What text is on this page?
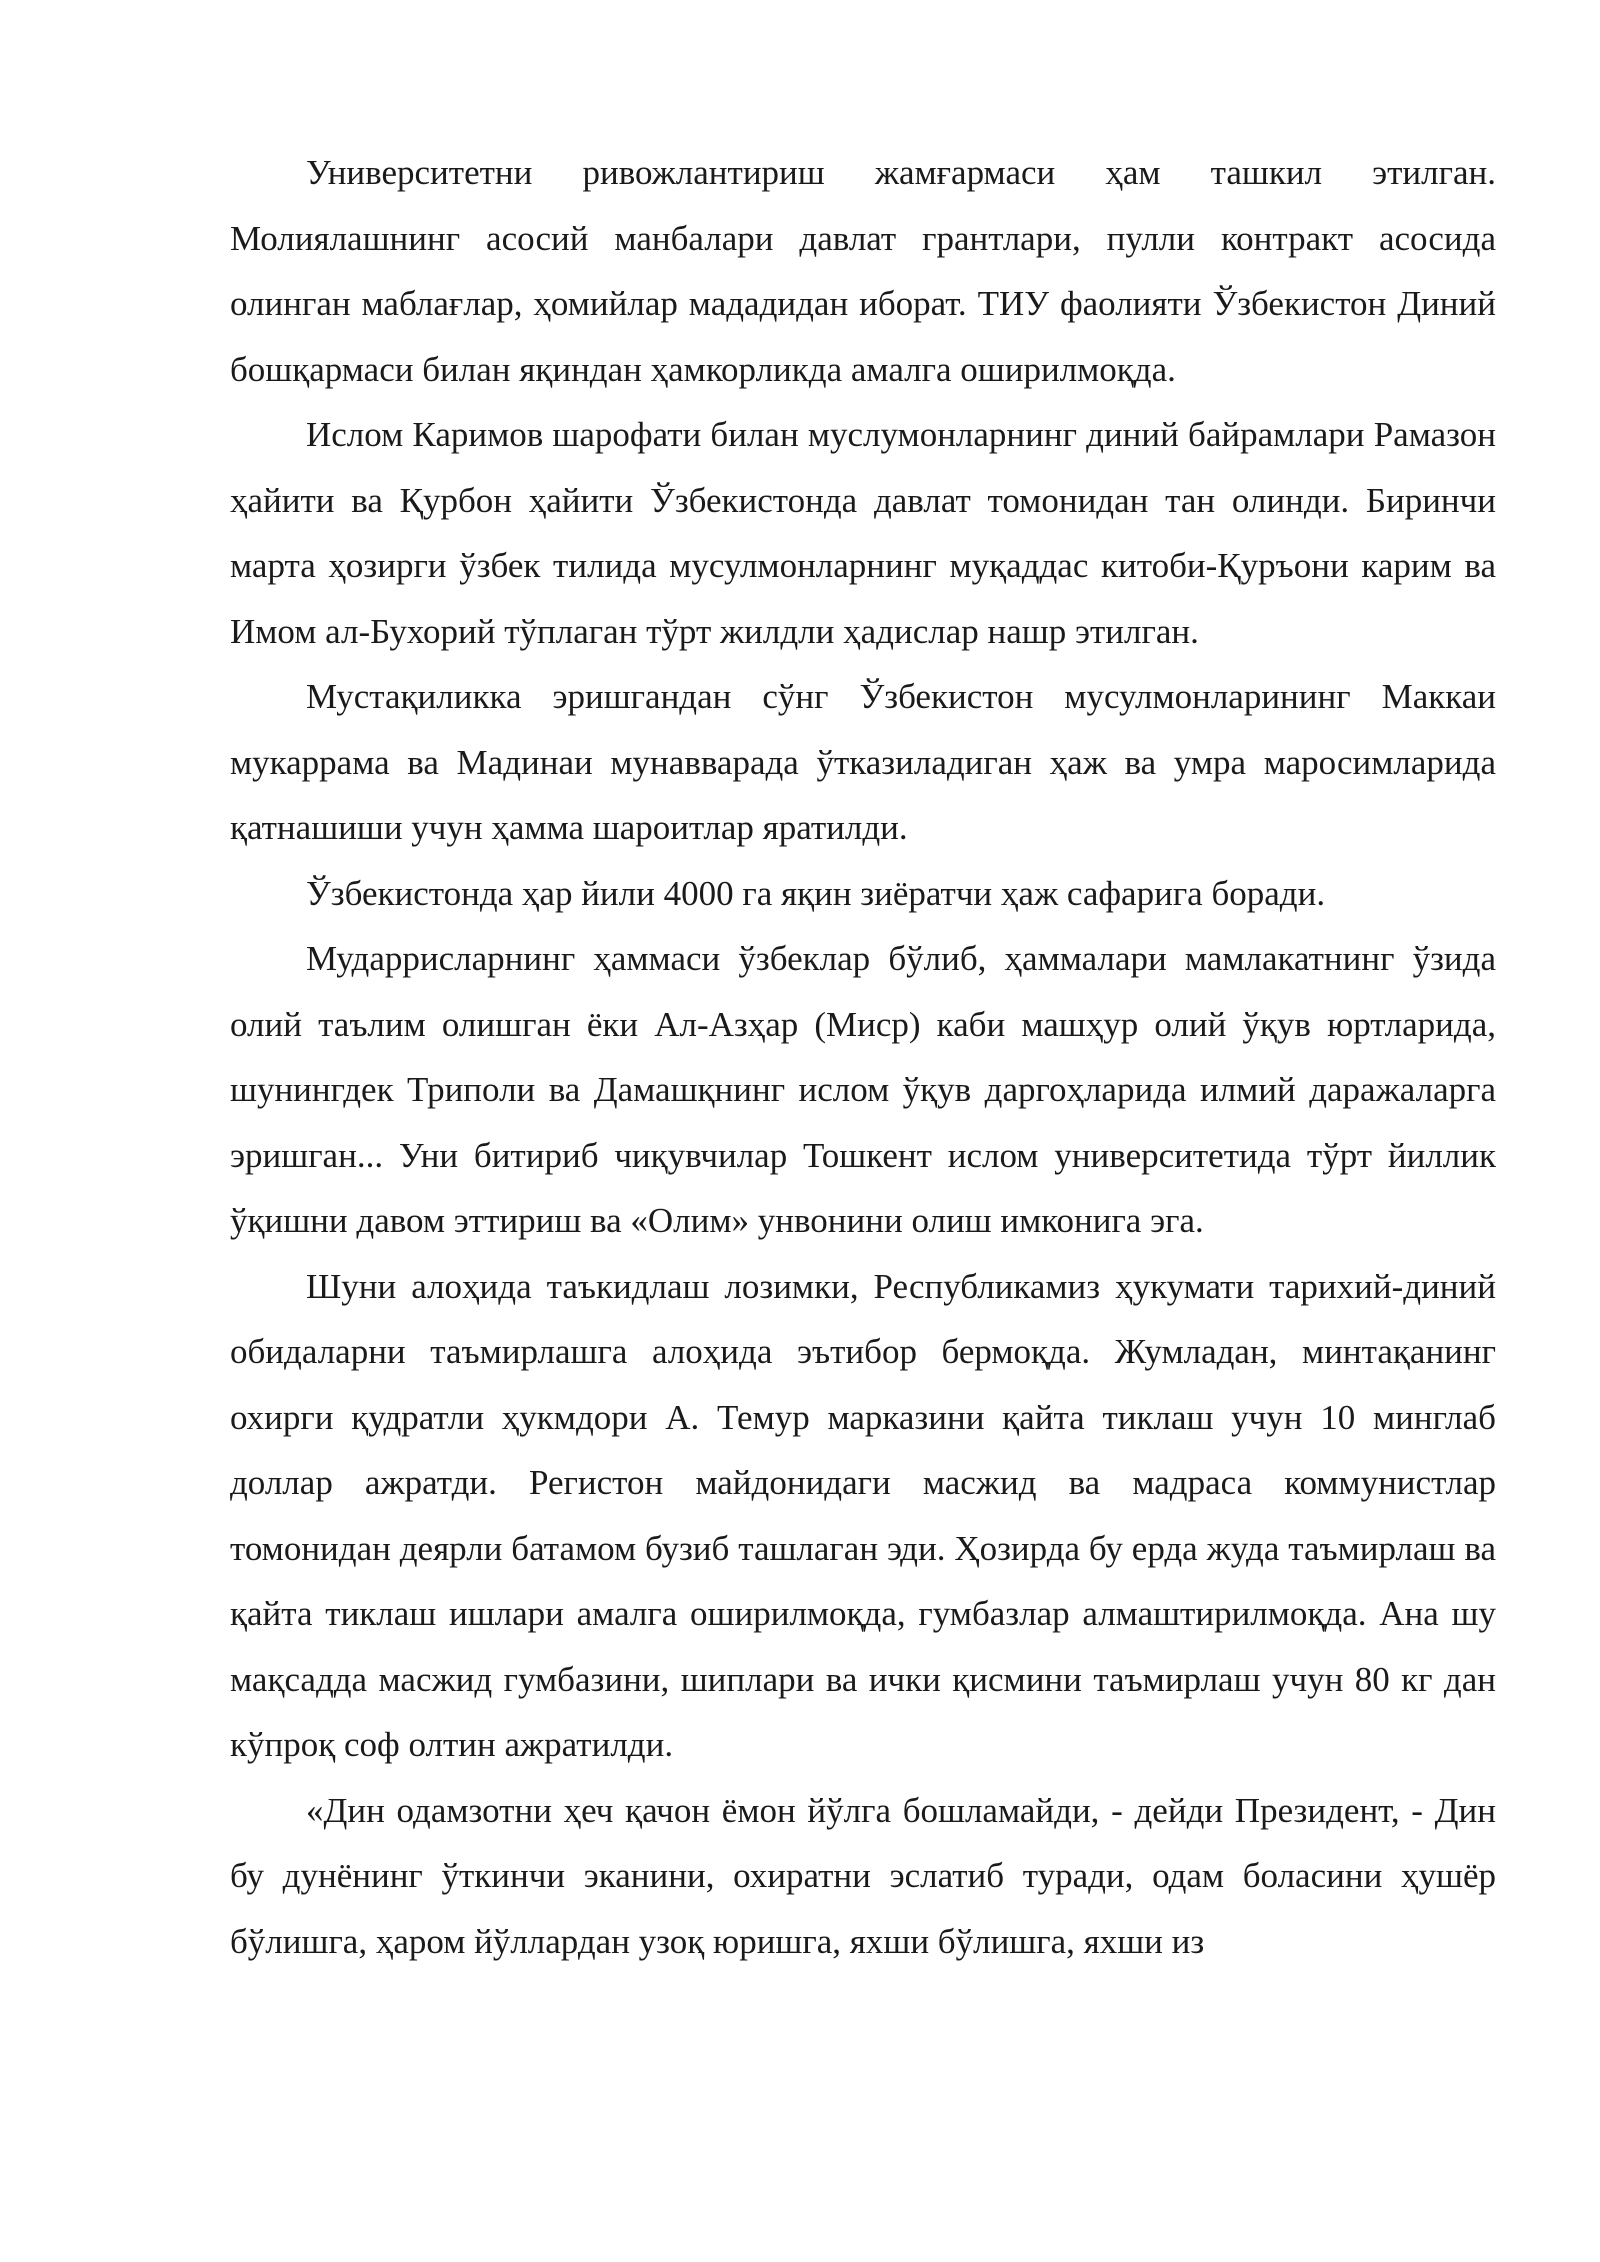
Университетни ривожлантириш жамғармаси ҳам ташкил этилган. Молиялашнинг асосий манбалари давлат грантлари, пулли контракт асосида олинган маблағлар, ҳомийлар мададидан иборат. ТИУ фаолияти Ўзбекистон Диний бошқармаси билан яқиндан ҳамкорликда амалга оширилмоқда.

Ислом Каримов шарофати билан муслумонларнинг диний байрамлари Рамазон ҳайити ва Қурбон ҳайити Ўзбекистонда давлат томонидан тан олинди. Биринчи марта ҳозирги ўзбек тилида мусулмонларнинг муқаддас китоби-Қуръони карим ва Имом ал-Бухорий тўплаган тўрт жилдли ҳадислар нашр этилган.

Мустақиликка эришгандан сўнг Ўзбекистон мусулмонларининг Маккаи мукаррама ва Мадинаи мунавварада ўтказиладиган ҳаж ва умра маросимларида қатнашиши учун ҳамма шароитлар яратилди.

Ўзбекистонда ҳар йили 4000 га яқин зиёратчи ҳаж сафарига боради.

Мударрисларнинг ҳаммаси ўзбеклар бўлиб, ҳаммалари мамлакатнинг ўзида олий таълим олишган ёки Ал-Азҳар (Миср) каби машҳур олий ўқув юртларида, шунингдек Триполи ва Дамашқнинг ислом ўқув даргоҳларида илмий даражаларга эришган... Уни битириб чиқувчилар Тошкент ислом университетида тўрт йиллик ўқишни давом эттириш ва «Олим» унвонини олиш имконига эга.

Шуни алоҳида таъкидлаш лозимки, Республикамиз ҳукумати тарихий-диний обидаларни таъмирлашга алоҳида эътибор бермоқда. Жумладан, минтақанинг охирги қудратли ҳукмдори А. Темур марказини қайта тиклаш учун 10 минглаб доллар ажратди. Регистон майдонидаги масжид ва мадраса коммунистлар томонидан деярли батамом бузиб ташлаган эди. Ҳозирда бу ерда жуда таъмирлаш ва қайта тиклаш ишлари амалга оширилмоқда, гумбазлар алмаштирилмоқда. Ана шу мақсадда масжид гумбазини, шиплари ва ички қисмини таъмирлаш учун 80 кг дан кўпроқ соф олтин ажратилди.

«Дин одамзотни ҳеч қачон ёмон йўлга бошламайди, - дейди Президент, - Дин бу дунёнинг ўткинчи эканини, охиратни эслатиб туради, одам боласини ҳушёр бўлишга, ҳаром йўллардан узоқ юришга, яхши бўлишга, яхши из
